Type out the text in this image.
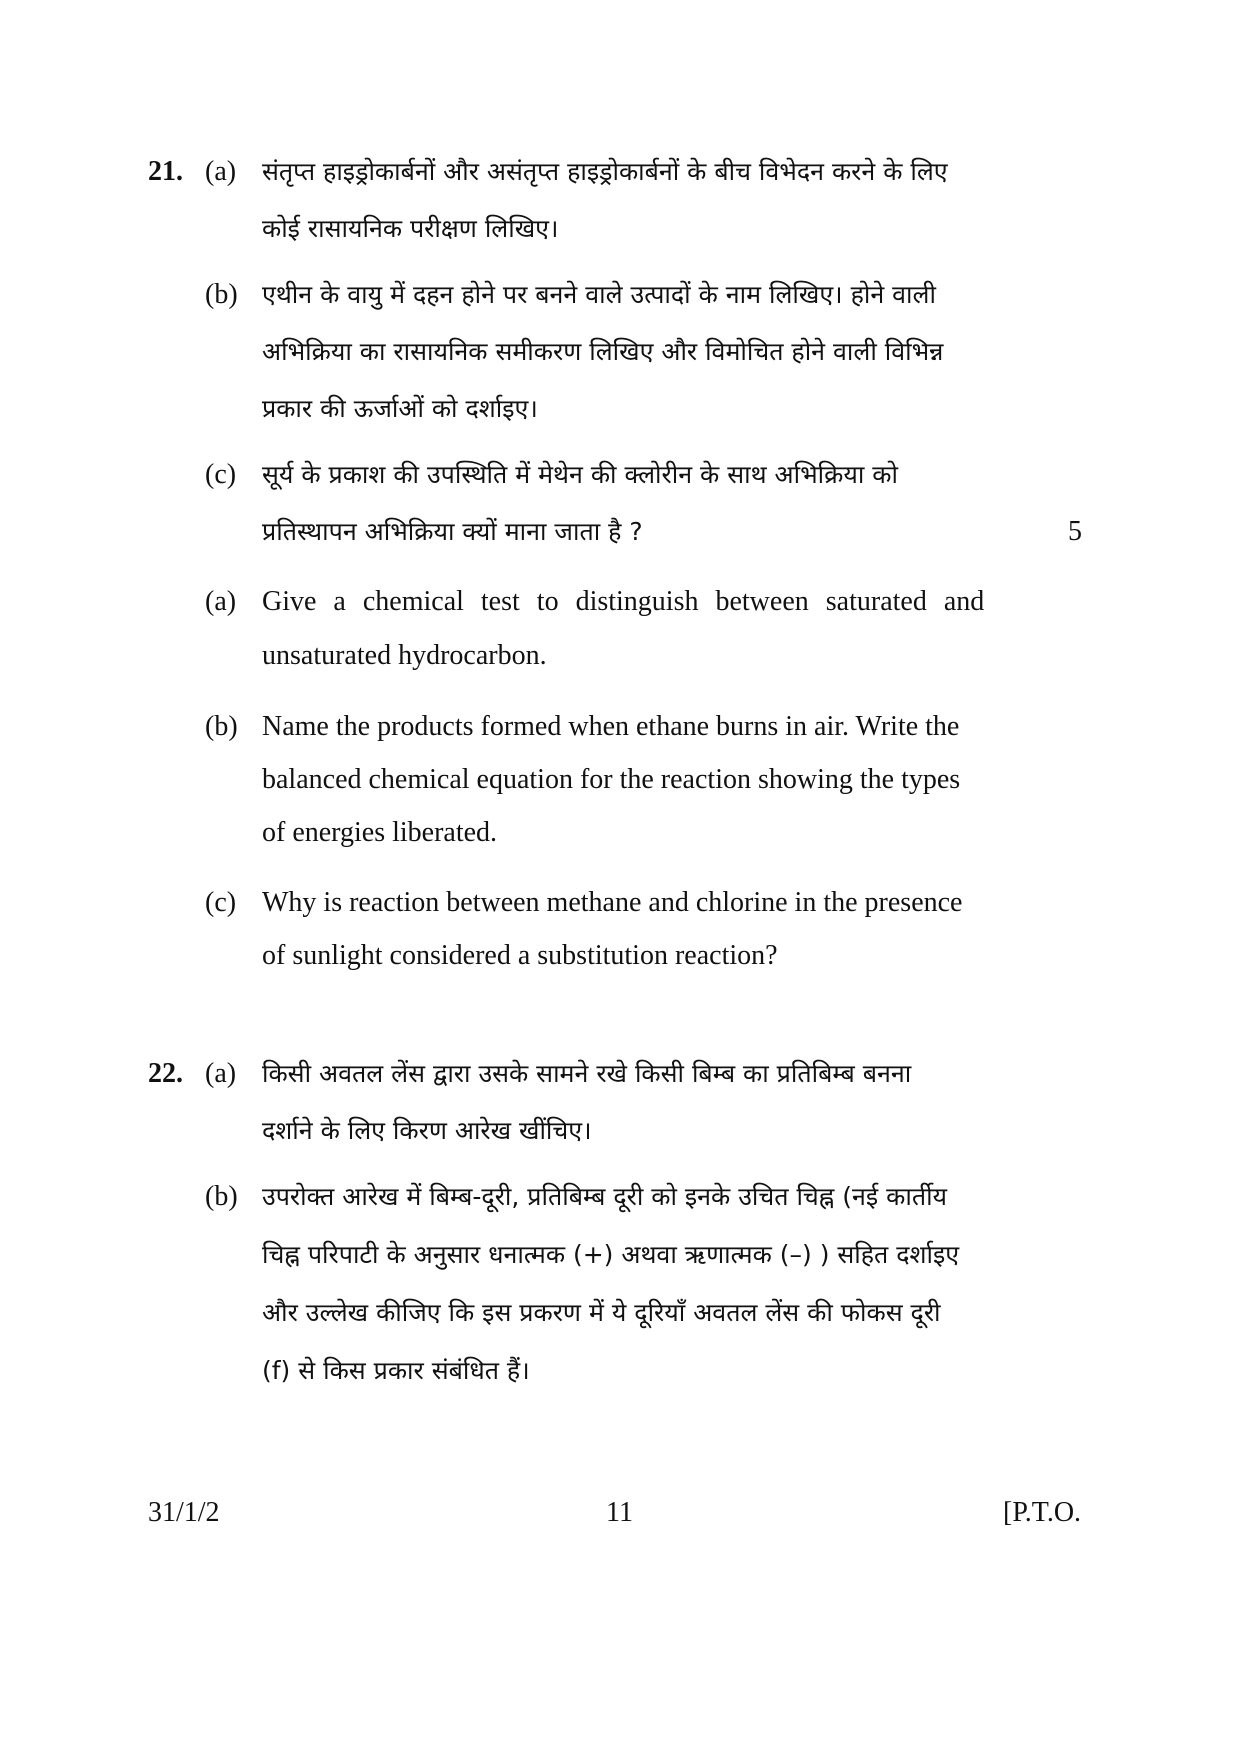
21. (a) संतृप्त हाइड्रोकार्बनों और असंतृप्त हाइड्रोकार्बनों के बीच विभेदन करने के लिए
कोई रासायनिक परीक्षण लिखिए।
(b) एथीन के वायु में दहन होने पर बनने वाले उत्पादों के नाम लिखिए। होने वाली
अभिक्रिया का रासायनिक समीकरण लिखिए और विमोचित होने वाली विभिन्न
प्रकार की ऊर्जाओं को दर्शाइए।
(c) सूर्य के प्रकाश की उपस्थिति में मेथेन की क्लोरीन के साथ अभिक्रिया को
प्रतिस्थापन अभिक्रिया क्यों माना जाता है ?	5
(a) Give a chemical test to distinguish between saturated and
unsaturated hydrocarbon.
(b) Name the products formed when ethane burns in air. Write the
balanced chemical equation for the reaction showing the types
of energies liberated.
(c) Why is reaction between methane and chlorine in the presence
of sunlight considered a substitution reaction?
22. (a) किसी अवतल लेंस द्वारा उसके सामने रखे किसी बिम्ब का प्रतिबिम्ब बनना
दर्शाने के लिए किरण आरेख खींचिए।
(b) उपरोक्त आरेख में बिम्ब-दूरी, प्रतिबिम्ब दूरी को इनके उचित चिह्न (नई कार्तीय
चिह्न परिपाटी के अनुसार धनात्मक (+) अथवा ऋणात्मक (–) ) सहित दर्शाइए
और उल्लेख कीजिए कि इस प्रकरण में ये दूरियाँ अवतल लेंस की फोकस दूरी
(f) से किस प्रकार संबंधित हैं।
31/1/2	11	[P.T.O.
